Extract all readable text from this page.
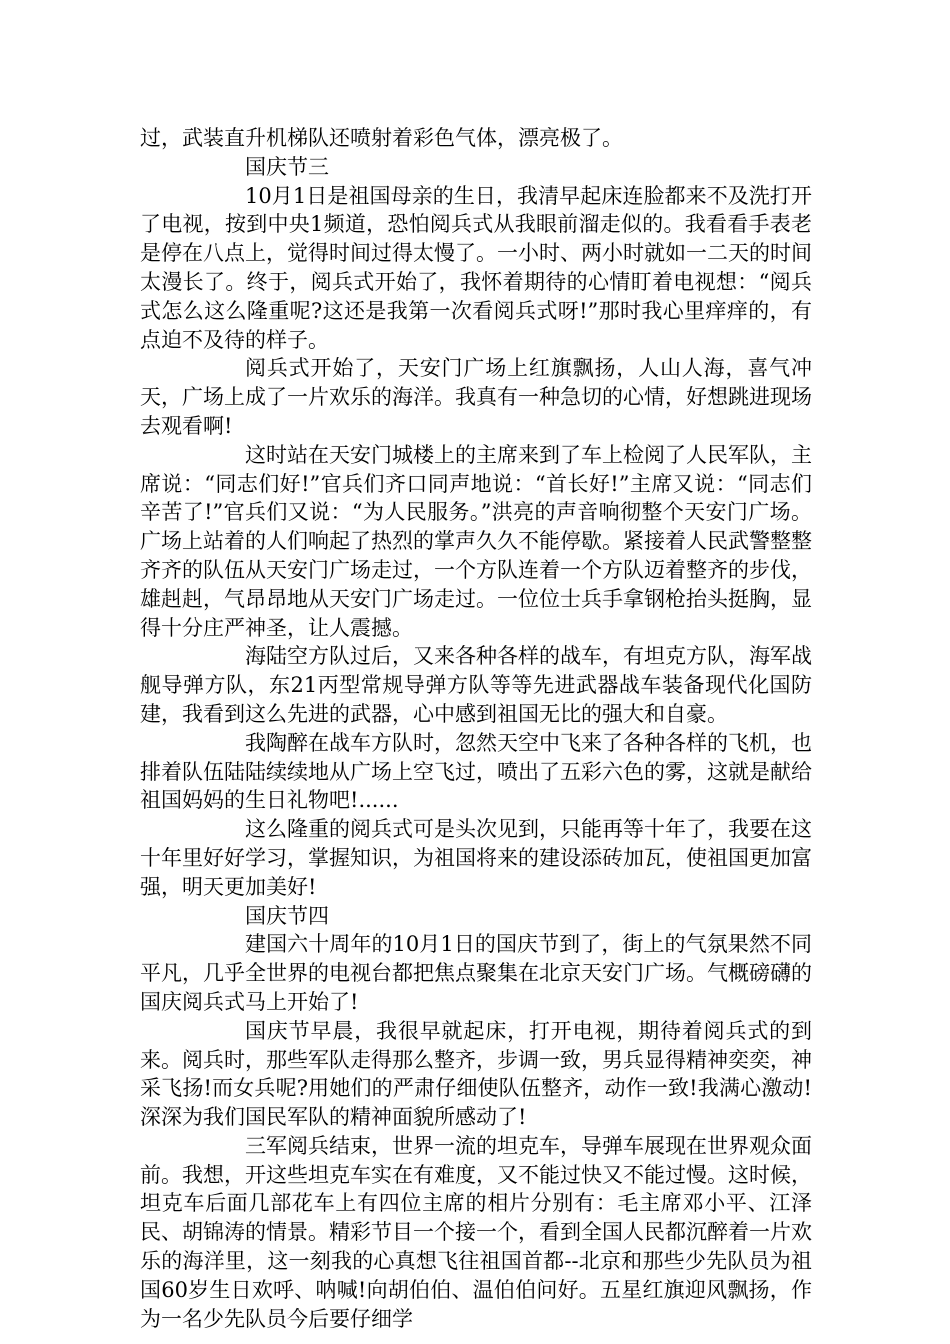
过，武装直升机梯队还喷射着彩色气体，漂亮极了。

国庆节三

10月1日是祖国母亲的生日，我清早起床连脸都来不及洗打开了电视，按到中央1频道，恐怕阅兵式从我眼前溜走似的。我看看手表老是停在八点上，觉得时间过得太慢了。一小时、两小时就如一二天的时间太漫长了。终于，阅兵式开始了，我怀着期待的心情盯着电视想：“阅兵式怎么这么隆重呢?这还是我第一次看阅兵式呀!”那时我心里痒痒的，有点迫不及待的样子。

阅兵式开始了，天安门广场上红旗飘扬，人山人海，喜气冲天，广场上成了一片欢乐的海洋。我真有一种急切的心情，好想跳进现场去观看啊!

这时站在天安门城楼上的主席来到了车上检阅了人民军队，主席说：“同志们好!”官兵们齐口同声地说：“首长好!”主席又说：“同志们辛苦了!”官兵们又说：“为人民服务。”洪亮的声音响彻整个天安门广场。广场上站着的人们响起了热烈的掌声久久不能停歇。紧接着人民武警整整齐齐的队伍从天安门广场走过，一个方队连着一个方队迈着整齐的步伐，雄赳赳，气昂昂地从天安门广场走过。一位位士兵手拿钢枪抬头挺胸，显得十分庄严神圣，让人震撼。

海陆空方队过后，又来各种各样的战车，有坦克方队，海军战舰导弹方队，东21丙型常规导弹方队等等先进武器战车装备现代化国防建，我看到这么先进的武器，心中感到祖国无比的强大和自豪。

我陶醉在战车方队时，忽然天空中飞来了各种各样的飞机，也排着队伍陆陆续续地从广场上空飞过，喷出了五彩六色的雾，这就是献给祖国妈妈的生日礼物吧!......

这么隆重的阅兵式可是头次见到，只能再等十年了，我要在这十年里好好学习，掌握知识，为祖国将来的建设添砖加瓦，使祖国更加富强，明天更加美好!

国庆节四

建国六十周年的10月1日的国庆节到了，街上的气氛果然不同平凡，几乎全世界的电视台都把焦点聚集在北京天安门广场。气概磅礴的国庆阅兵式马上开始了!

国庆节早晨，我很早就起床，打开电视，期待着阅兵式的到来。阅兵时，那些军队走得那么整齐，步调一致，男兵显得精神奕奕，神采飞扬!而女兵呢?用她们的严肃仔细使队伍整齐，动作一致!我满心激动!深深为我们国民军队的精神面貌所感动了!

三军阅兵结束，世界一流的坦克车，导弹车展现在世界观众面前。我想，开这些坦克车实在有难度，又不能过快又不能过慢。这时候，坦克车后面几部花车上有四位主席的相片分别有：毛主席邓小平、江泽民、胡锦涛的情景。精彩节目一个接一个，看到全国人民都沉醉着一片欢乐的海洋里，这一刻我的心真想飞往祖国首都--北京和那些少先队员为祖国60岁生日欢呼、呐喊!向胡伯伯、温伯伯问好。五星红旗迎风飘扬，作为一名少先队员今后要仔细学
